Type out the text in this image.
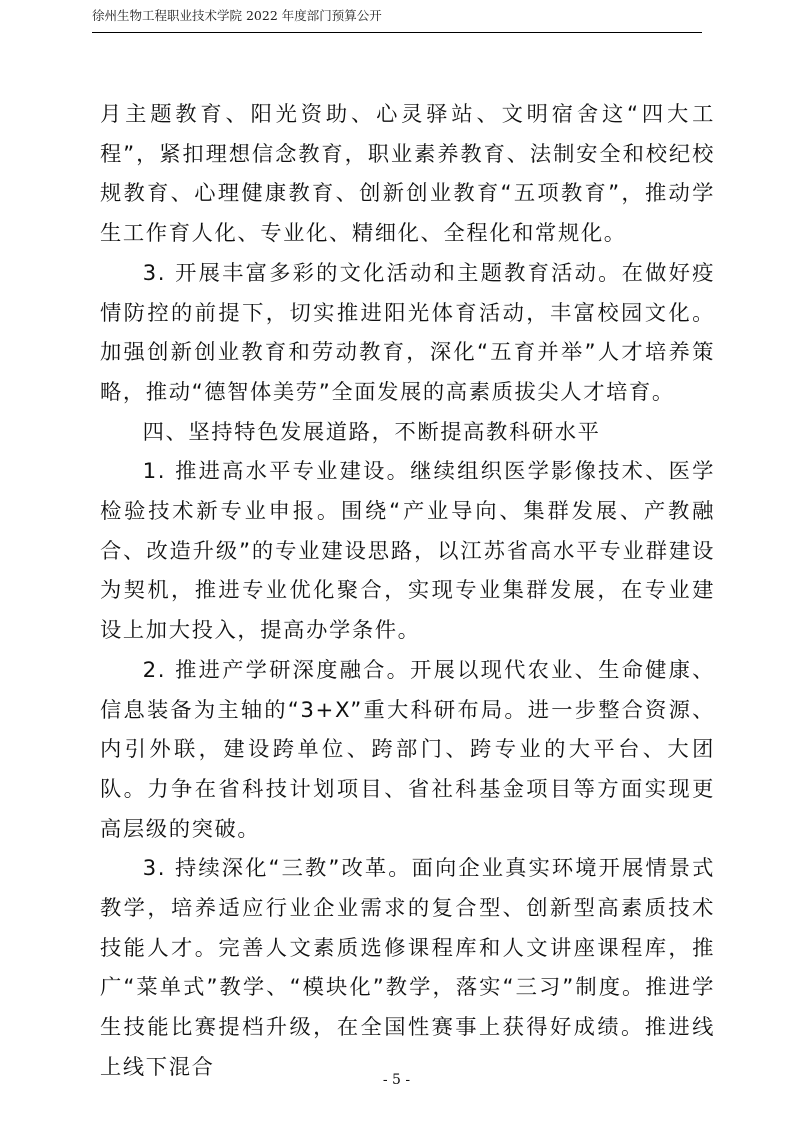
徐州生物工程职业技术学院 2022 年度部门预算公开

月主题教育、阳光资助、心灵驿站、文明宿舍这“四大工程”，紧扣理想信念教育，职业素养教育、法制安全和校纪校规教育、心理健康教育、创新创业教育“五项教育”，推动学生工作育人化、专业化、精细化、全程化和常规化。

3. 开展丰富多彩的文化活动和主题教育活动。在做好疫情防控的前提下，切实推进阳光体育活动，丰富校园文化。加强创新创业教育和劳动教育，深化“五育并举”人才培养策略，推动“德智体美劳”全面发展的高素质拔尖人才培育。

四、坚持特色发展道路，不断提高教科研水平

1. 推进高水平专业建设。继续组织医学影像技术、医学检验技术新专业申报。围绕“产业导向、集群发展、产教融合、改造升级”的专业建设思路，以江苏省高水平专业群建设为契机，推进专业优化聚合，实现专业集群发展，在专业建设上加大投入，提高办学条件。

2. 推进产学研深度融合。开展以现代农业、生命健康、信息装备为主轴的“3+X”重大科研布局。进一步整合资源、内引外联，建设跨单位、跨部门、跨专业的大平台、大团队。力争在省科技计划项目、省社科基金项目等方面实现更高层级的突破。

3. 持续深化“三教”改革。面向企业真实环境开展情景式教学，培养适应行业企业需求的复合型、创新型高素质技术技能人才。完善人文素质选修课程库和人文讲座课程库，推广“菜单式”教学、“模块化”教学，落实“三习”制度。推进学生技能比赛提档升级，在全国性赛事上获得好成绩。推进线上线下混合

- 5 -
